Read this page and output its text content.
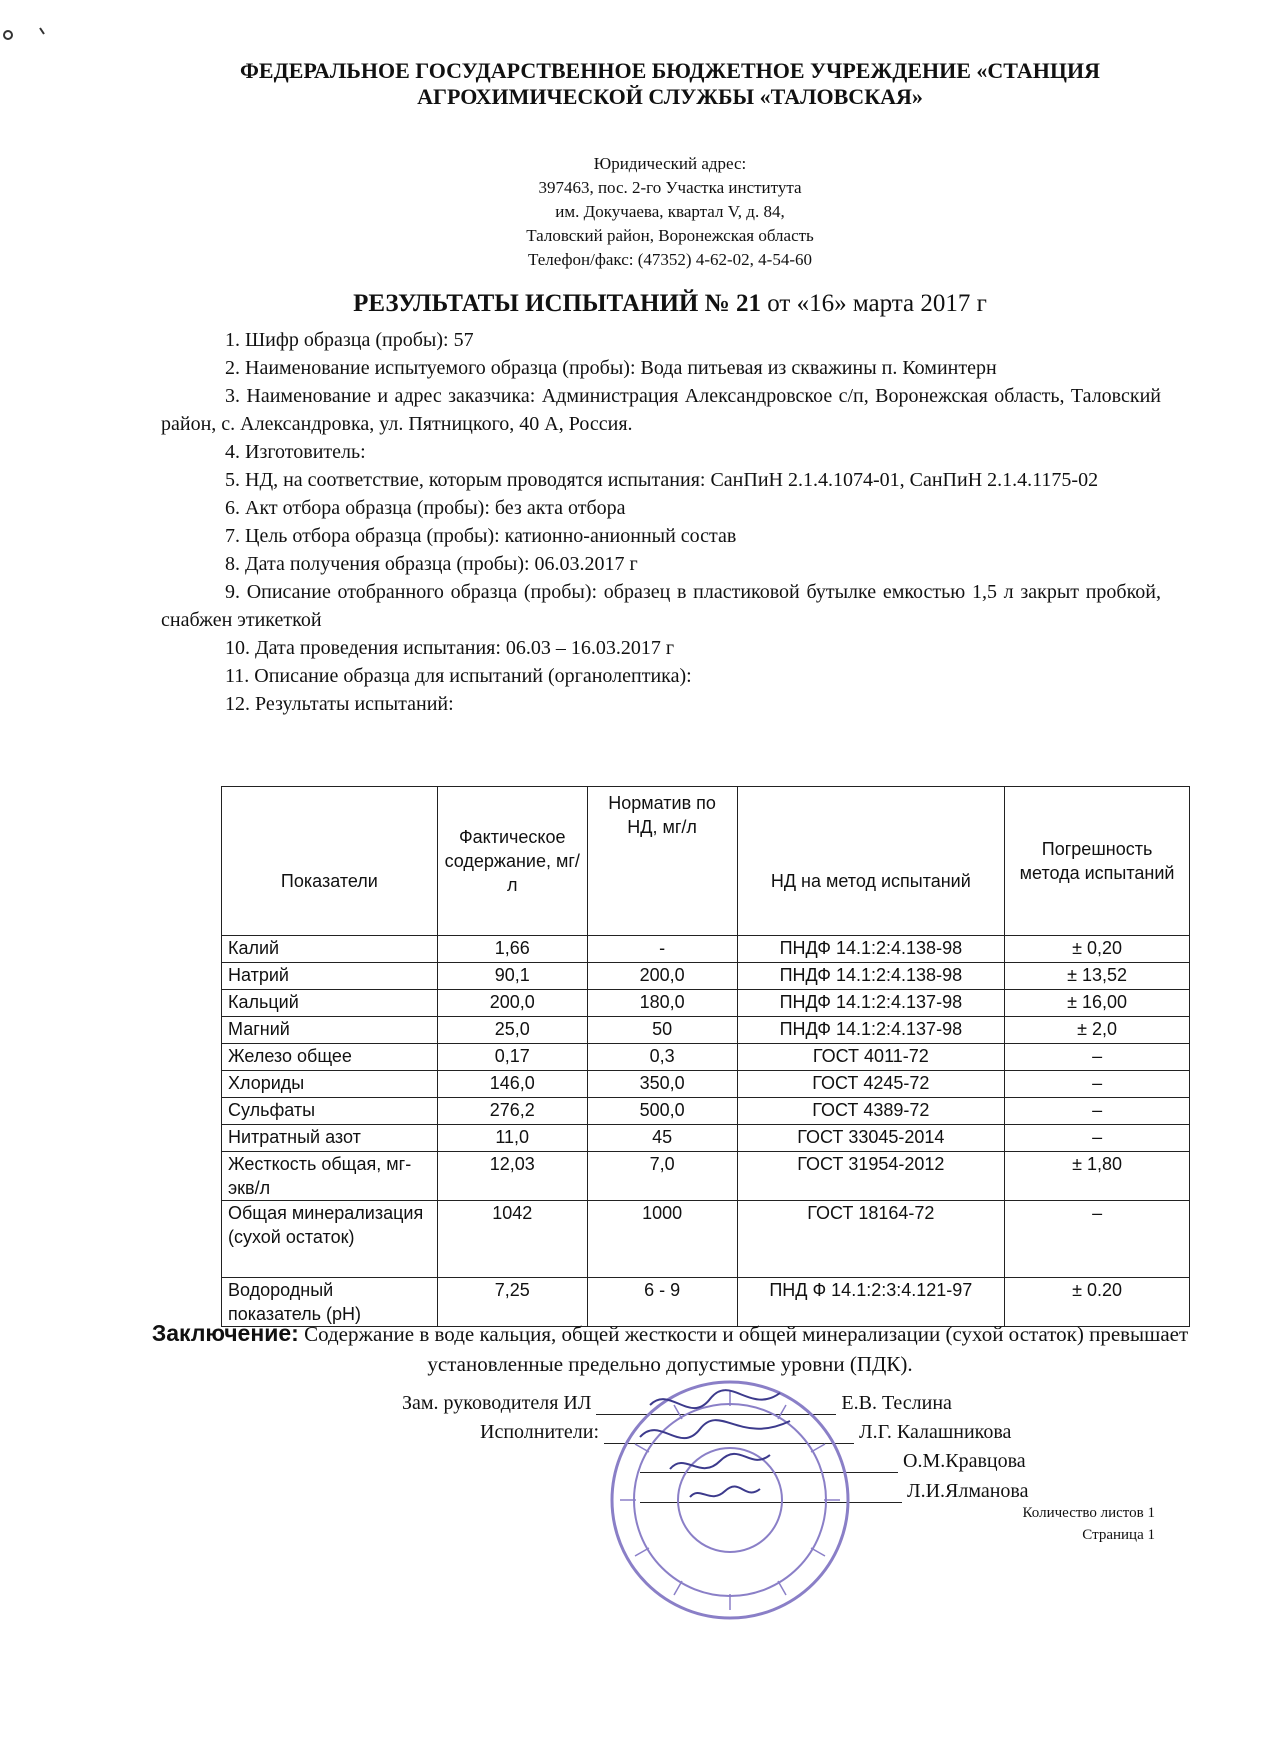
ФЕДЕРАЛЬНОЕ ГОСУДАРСТВЕННОЕ БЮДЖЕТНОЕ УЧРЕЖДЕНИЕ «СТАНЦИЯ
АГРОХИМИЧЕСКОЙ СЛУЖБЫ «ТАЛОВСКАЯ»
Юридический адрес:
397463, пос. 2-го Участка института
им. Докучаева, квартал V, д. 84,
Таловский район, Воронежская область
Телефон/факс: (47352) 4-62-02, 4-54-60
РЕЗУЛЬТАТЫ ИСПЫТАНИЙ № 21 от «16» марта 2017 г

1. Шифр образца (пробы): 57

2. Наименование испытуемого образца (пробы): Вода питьевая из скважины п. Коминтерн

3. Наименование и адрес заказчика: Администрация Александровское с/п, Воронежская область, Таловский район, с. Александровка, ул. Пятницкого, 40 А, Россия.

4. Изготовитель:

5. НД, на соответствие, которым проводятся испытания: СанПиН 2.1.4.1074-01, СанПиН 2.1.4.1175-02

6. Акт отбора образца (пробы): без акта отбора

7. Цель отбора образца (пробы): катионно-анионный состав

8. Дата получения образца (пробы): 06.03.2017 г

9. Описание отобранного образца (пробы): образец в пластиковой бутылке емкостью 1,5 л закрыт пробкой, снабжен этикеткой

10. Дата проведения испытания: 06.03 – 16.03.2017 г

11. Описание образца для испытаний (органолептика):

12. Результаты испытаний:

Показатели	Фактическое содержание, мг/л	Норматив по НД, мг/л	НД на метод испытаний	Погрешность метода испытаний
Калий	1,66	-	ПНДФ 14.1:2:4.138-98	± 0,20
Натрий	90,1	200,0	ПНДФ 14.1:2:4.138-98	± 13,52
Кальций	200,0	180,0	ПНДФ 14.1:2:4.137-98	± 16,00
Магний	25,0	50	ПНДФ 14.1:2:4.137-98	± 2,0
Железо общее	0,17	0,3	ГОСТ 4011-72	–
Хлориды	146,0	350,0	ГОСТ 4245-72	–
Сульфаты	276,2	500,0	ГОСТ 4389-72	–
Нитратный азот	11,0	45	ГОСТ 33045-2014	–
Жесткость общая, мг-экв/л	12,03	7,0	ГОСТ 31954-2012	± 1,80
Общая минерализация (сухой остаток)	1042	1000	ГОСТ 18164-72	–
Водородный показатель (рН)	7,25	6 - 9	ПНД Ф 14.1:2:3:4.121-97	± 0.20
Заключение: Содержание в воде кальция, общей жесткости и общей минерализации (сухой остаток) превышает установленные предельно допустимые уровни (ПДК).
Зам. руководителя ИЛ	Е.В. Теслина
Исполнители:	Л.Г. Калашникова
О.М.Кравцова
Л.И.Ялманова
Количество листов 1
Страница 1
